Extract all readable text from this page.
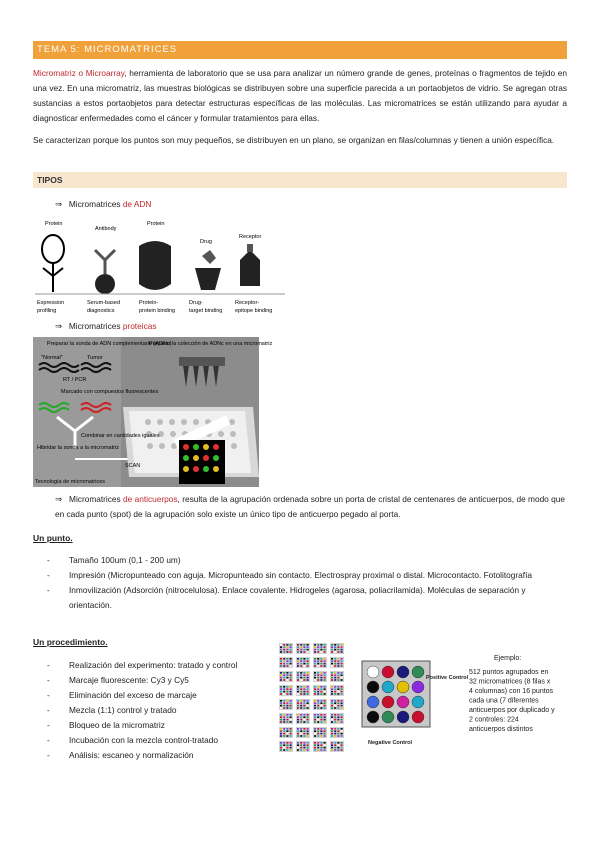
TEMA 5: MICROMATRICES
Micromatriz o Microarray, herramienta de laboratorio que se usa para analizar un número grande de genes, proteínas o fragmentos de tejido en una vez. En una micromatriz, las muestras biológicas se distribuyen sobre una superficie parecida a un portaobjetos de vidrio. Se agregan otras sustancias a estos portaobjetos para detectar estructuras específicas de las moléculas. Las micromatrices se están utilizando para ayudar a diagnosticar enfermedades como el cáncer y formular tratamientos para ellas.
Se caracterizan porque los puntos son muy pequeños, se distribuyen en un plano, se organizan en filas/columnas y tienen a unión específica.
TIPOS
⇒ Micromatrices de ADN
Protein
Antibody
Protein
Drug
Receptor
Expression
profiling
Serum-based
diagnostics
Protein-
protein binding
Drug-
target binding
Receptor-
epitope binding
⇒ Micromatrices proteicas
Preparar la sonda de ADN complementario (ADNc)
"Normal"	Tumor
RT / PCR
Marcado con compuestos fluorescentes
Combinar en cantidades iguales
Hibridar la sonda a la micromatriz
SCAN
Preparar la colección de ADNc en una micromatriz
Tecnología de micromatrices
⇒ Micromatrices de anticuerpos, resulta de la agrupación ordenada sobre un porta de cristal de centenares de anticuerpos, de modo que en cada punto (spot) de la agrupación solo existe un único tipo de anticuerpo pegado al porta.
Un punto.
- Tamaño 100um (0,1 - 200 um)
- Impresión (Micropunteado con aguja. Micropunteado sin contacto. Electrospray proximal o distal. Microcontacto. Fotolitografía
- Inmovilización (Adsorción (nitrocelulosa). Enlace covalente. Hidrogeles (agarosa, poliacrilamida). Moléculas de separación y orientación.
Un procedimiento.
- Realización del experimento: tratado y control
- Marcaje fluorescente: Cy3 y Cy5
- Eliminación del exceso de marcaje
- Mezcla (1:1) control y tratado
- Bloqueo de la micromatriz
- Incubación con la mezcla control-tratado
- Análisis: escaneo y normalización
Positive Control
Negative Control
Ejemplo:
512 puntos agrupados en
32 micromatrices (8 filas x
4 columnas) con 16 puntos
cada una (7 diferentes
anticuerpos por duplicado y
2 controles: 224
anticuerpos distintos
